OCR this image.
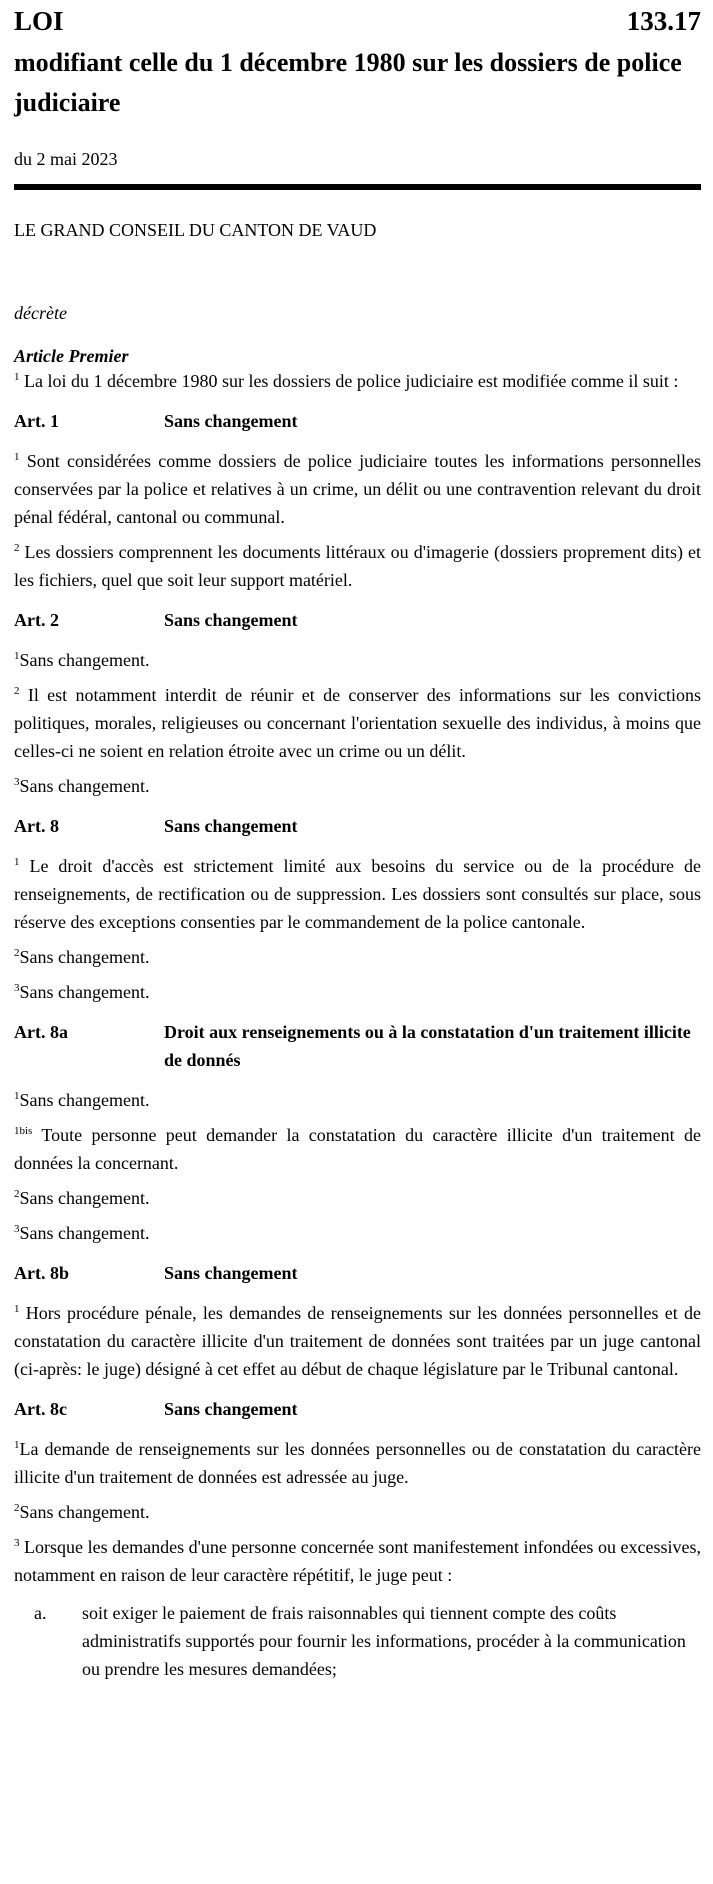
LOI	133.17
modifiant celle du 1 décembre 1980 sur les dossiers de police judiciaire
du 2 mai 2023
LE GRAND CONSEIL DU CANTON DE VAUD
décrète
Article Premier

$^1$ La loi du 1 décembre 1980 sur les dossiers de police judiciaire est modifiée comme il suit :

Art. 1	Sans changement

$^1$ Sont considérées comme dossiers de police judiciaire toutes les informations personnelles conservées par la police et relatives à un crime, un délit ou une contravention relevant du droit pénal fédéral, cantonal ou communal.

$^2$ Les dossiers comprennent les documents littéraux ou d'imagerie (dossiers proprement dits) et les fichiers, quel que soit leur support matériel.

Art. 2	Sans changement

$^1$Sans changement.

$^2$ Il est notamment interdit de réunir et de conserver des informations sur les convictions politiques, morales, religieuses ou concernant l'orientation sexuelle des individus, à moins que celles-ci ne soient en relation étroite avec un crime ou un délit.

$^3$Sans changement.

Art. 8	Sans changement

$^1$ Le droit d'accès est strictement limité aux besoins du service ou de la procédure de renseignements, de rectification ou de suppression. Les dossiers sont consultés sur place, sous réserve des exceptions consenties par le commandement de la police cantonale.

$^2$Sans changement.

$^3$Sans changement.

Art. 8a	Droit aux renseignements ou à la constatation d'un traitement illicite de donnés

$^1$Sans changement.

$^{1bis}$ Toute personne peut demander la constatation du caractère illicite d'un traitement de données la concernant.

$^2$Sans changement.

$^3$Sans changement.

Art. 8b	Sans changement

$^1$ Hors procédure pénale, les demandes de renseignements sur les données personnelles et de constatation du caractère illicite d'un traitement de données sont traitées par un juge cantonal (ci-après: le juge) désigné à cet effet au début de chaque législature par le Tribunal cantonal.

Art. 8c	Sans changement

$^1$La demande de renseignements sur les données personnelles ou de constatation du caractère illicite d'un traitement de données est adressée au juge.

$^2$Sans changement.

$^3$ Lorsque les demandes d'une personne concernée sont manifestement infondées ou excessives, notamment en raison de leur caractère répétitif, le juge peut :

a.	soit exiger le paiement de frais raisonnables qui tiennent compte des coûts administratifs supportés pour fournir les informations, procéder à la communication ou prendre les mesures demandées;
